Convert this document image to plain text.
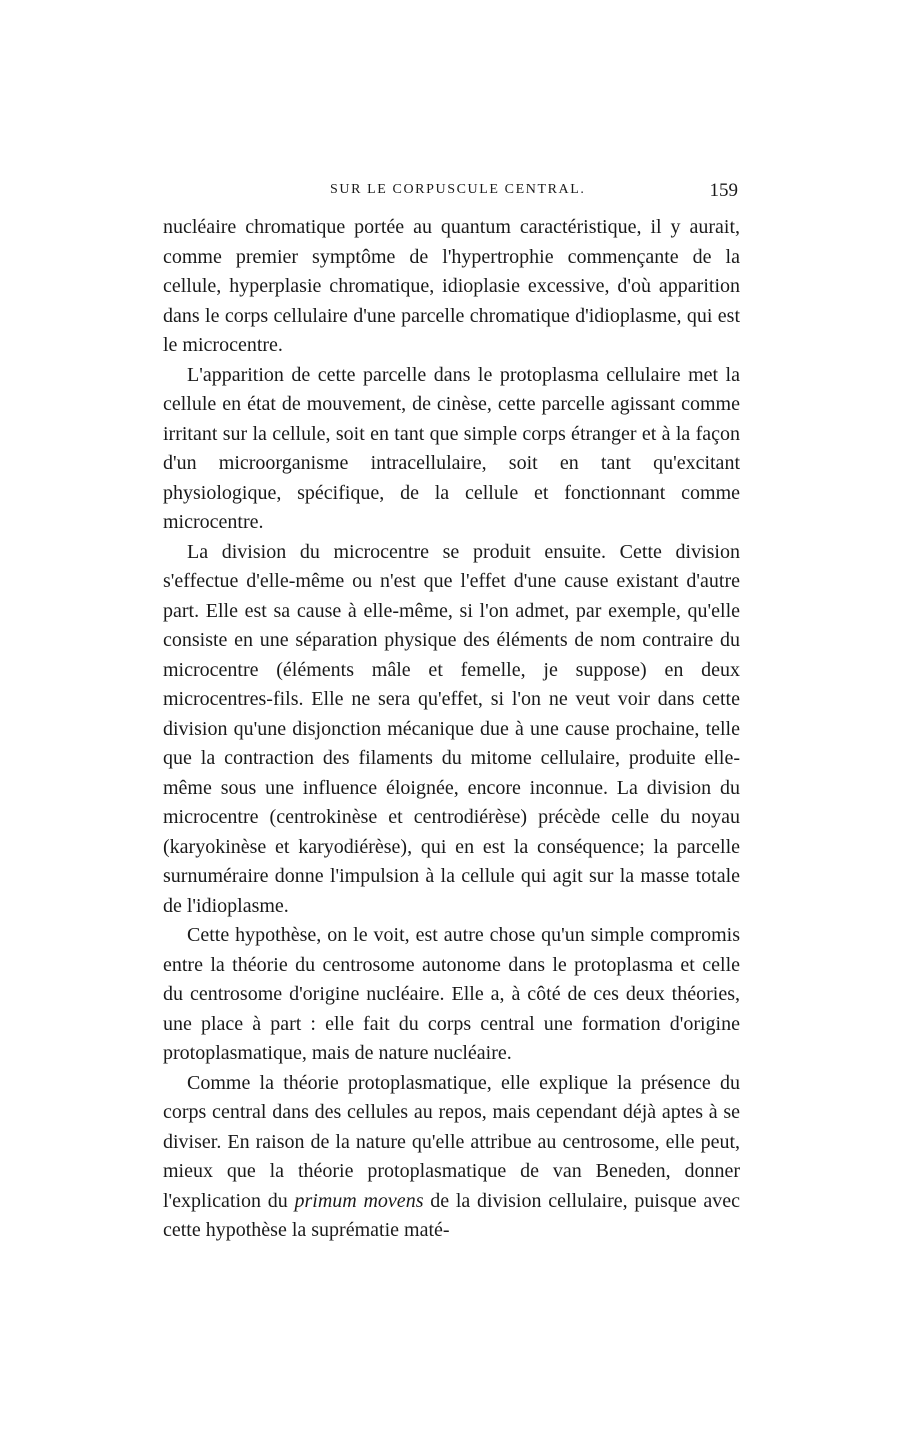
SUR LE CORPUSCULE CENTRAL.	159

nucléaire chromatique portée au quantum caractéristique, il y aurait, comme premier symptôme de l'hypertrophie commençante de la cellule, hyperplasie chromatique, idioplasie excessive, d'où apparition dans le corps cellulaire d'une parcelle chromatique d'idioplasme, qui est le microcentre.

L'apparition de cette parcelle dans le protoplasma cellulaire met la cellule en état de mouvement, de cinèse, cette parcelle agissant comme irritant sur la cellule, soit en tant que simple corps étranger et à la façon d'un microorganisme intracellulaire, soit en tant qu'excitant physiologique, spécifique, de la cellule et fonctionnant comme microcentre.

La division du microcentre se produit ensuite. Cette division s'effectue d'elle-même ou n'est que l'effet d'une cause existant d'autre part. Elle est sa cause à elle-même, si l'on admet, par exemple, qu'elle consiste en une séparation physique des éléments de nom contraire du microcentre (éléments mâle et femelle, je suppose) en deux microcentres-fils. Elle ne sera qu'effet, si l'on ne veut voir dans cette division qu'une disjonction mécanique due à une cause prochaine, telle que la contraction des filaments du mitome cellulaire, produite elle-même sous une influence éloignée, encore inconnue. La division du microcentre (centrokinèse et centrodiérèse) précède celle du noyau (karyokinèse et karyodiérèse), qui en est la conséquence; la parcelle surnuméraire donne l'impulsion à la cellule qui agit sur la masse totale de l'idioplasme.

Cette hypothèse, on le voit, est autre chose qu'un simple compromis entre la théorie du centrosome autonome dans le protoplasma et celle du centrosome d'origine nucléaire. Elle a, à côté de ces deux théories, une place à part : elle fait du corps central une formation d'origine protoplasmatique, mais de nature nucléaire.

Comme la théorie protoplasmatique, elle explique la présence du corps central dans des cellules au repos, mais cependant déjà aptes à se diviser. En raison de la nature qu'elle attribue au centrosome, elle peut, mieux que la théorie protoplasmatique de van Beneden, donner l'explication du primum movens de la division cellulaire, puisque avec cette hypothèse la suprématie maté-
